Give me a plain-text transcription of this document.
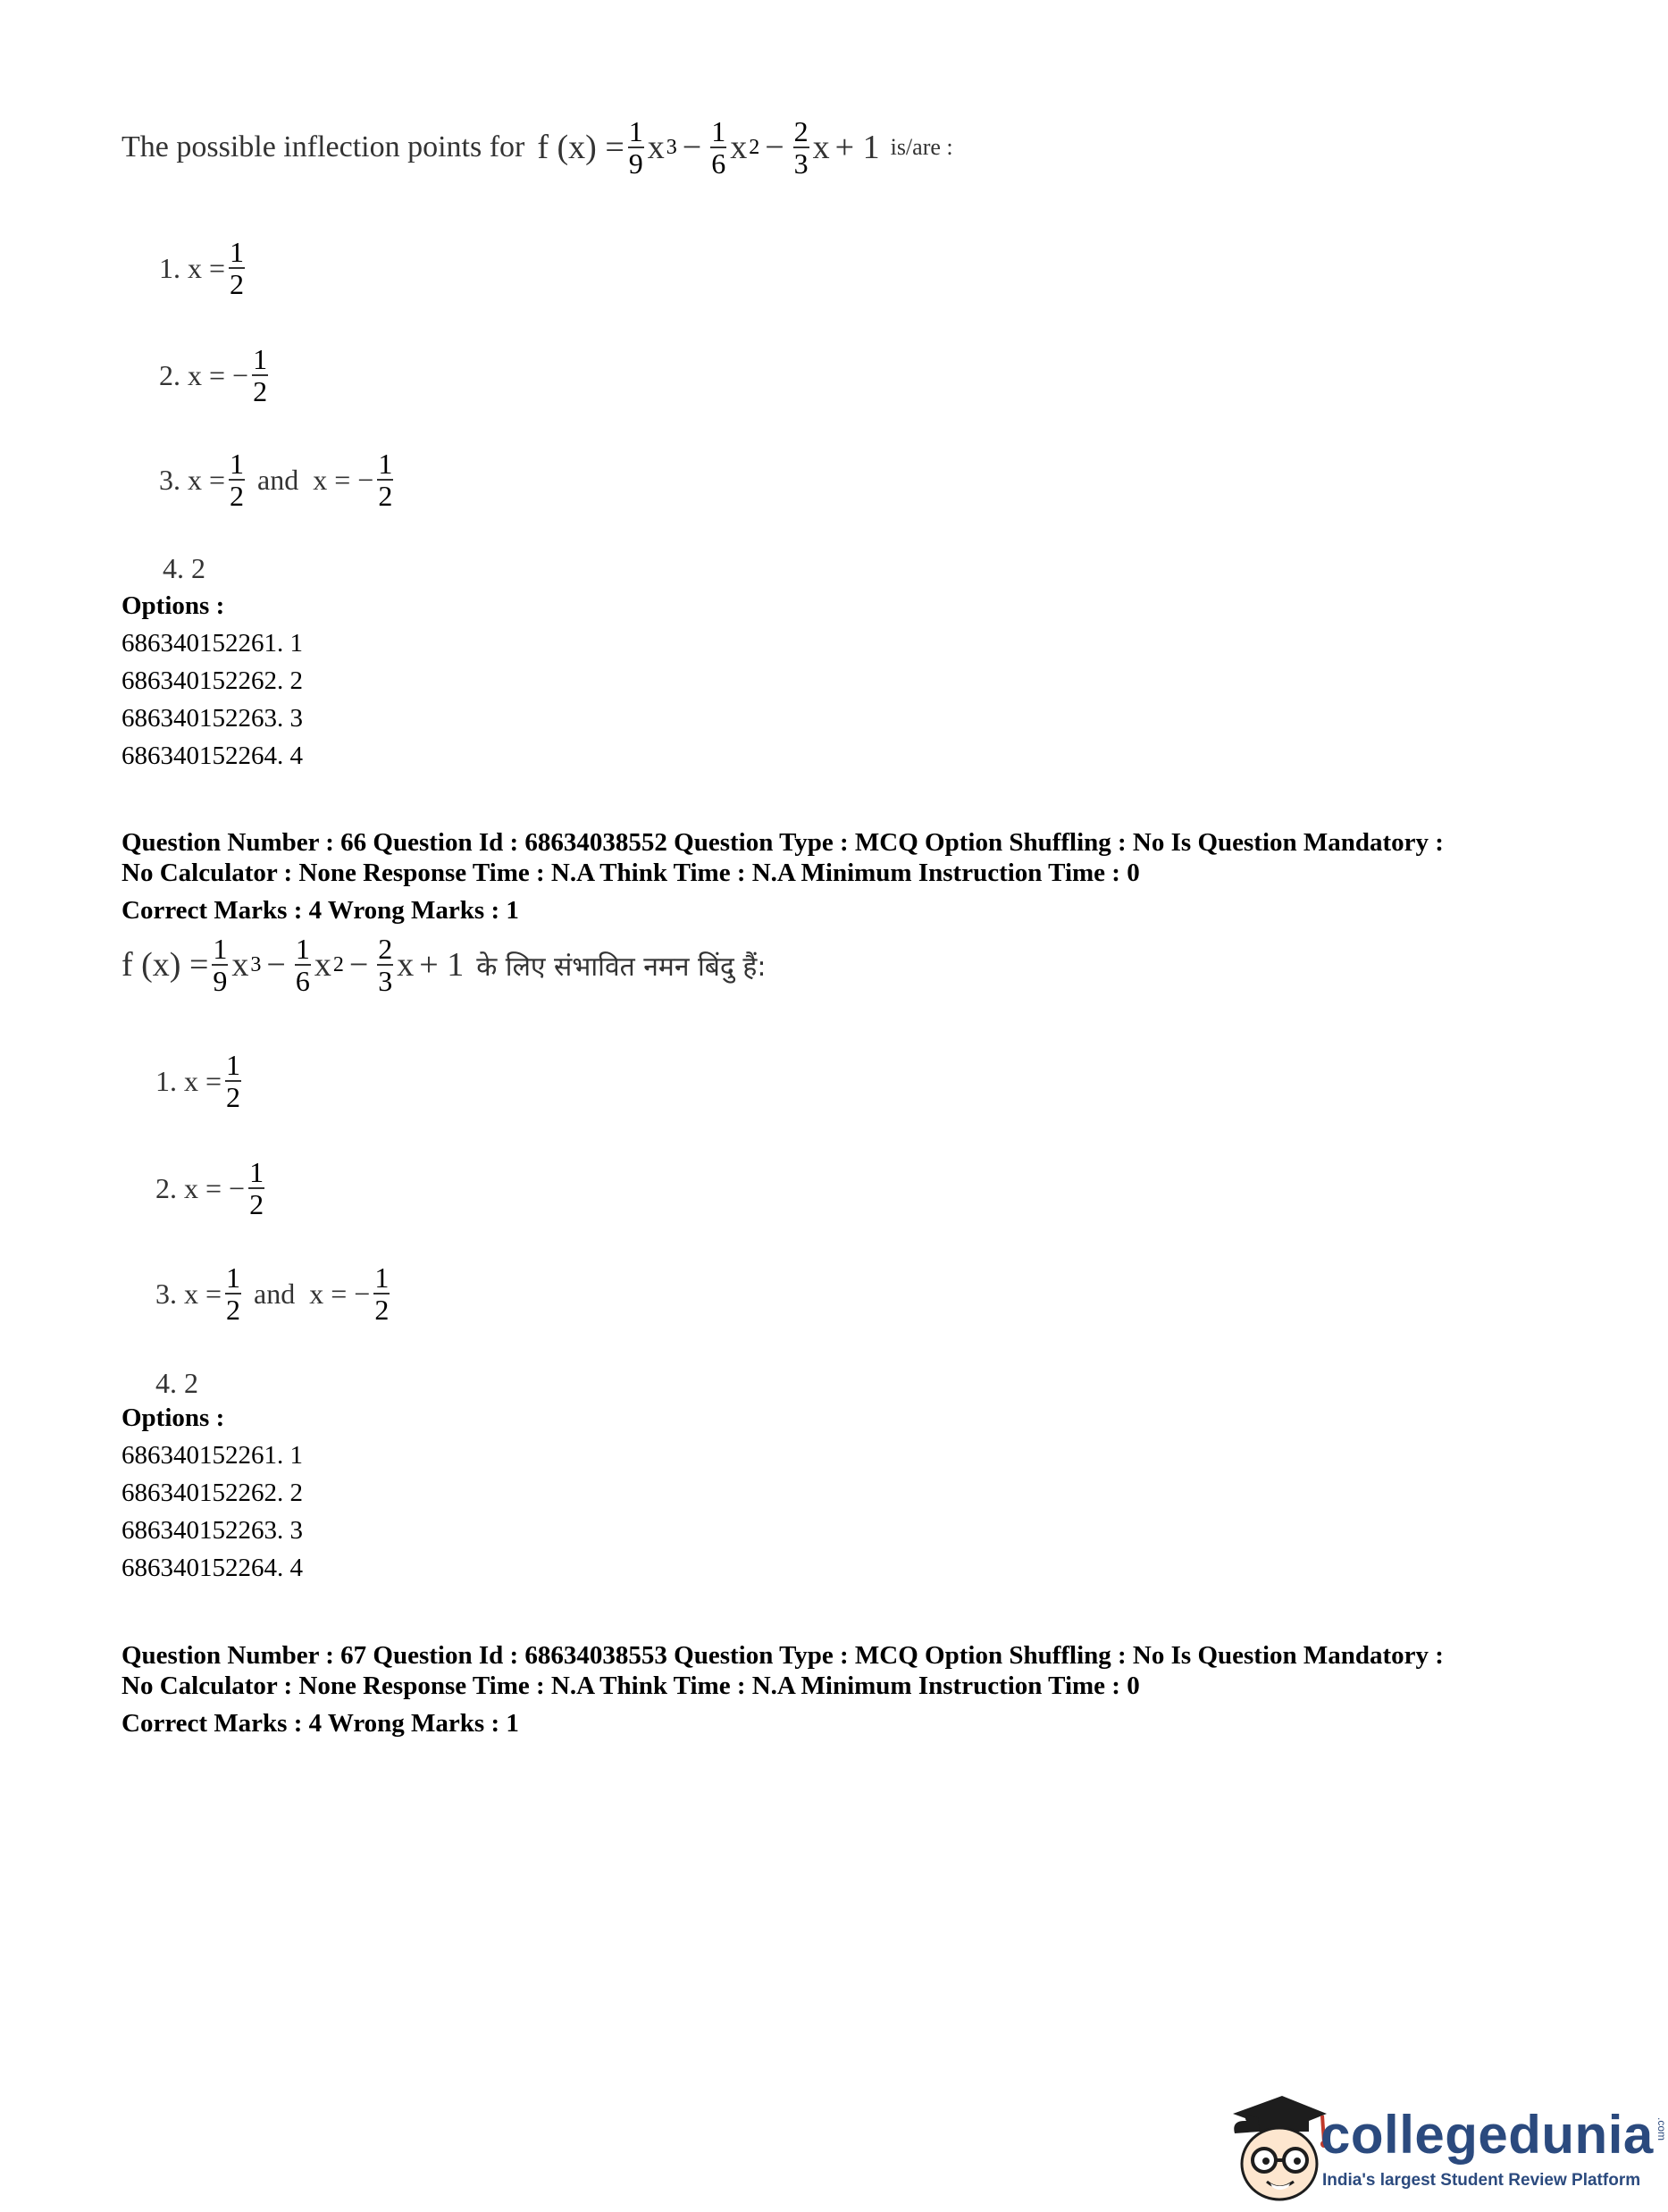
The possible inflection points for f $(x) = \frac{1}{9}$ x $3 - \frac{1}{6}$ x $2 - \frac{2}{3}$ x + 1 is/are :
1. $x = \frac{1}{2}$
2. x = − $\frac{1}{2}$
3. $x = \frac{1}{2}$ and  x = − $\frac{1}{2}$
4. 2
Options :
686340152261. 1
686340152262. 2
686340152263. 3
686340152264. 4
Question Number : 66 Question Id : 68634038552 Question Type : MCQ Option Shuffling : No Is Question Mandatory :
No Calculator : None Response Time : N.A Think Time : N.A Minimum Instruction Time : 0
Correct Marks : 4 Wrong Marks : 1
f $(x) = \frac{1}{9}$ x $3 - \frac{1}{6}$ x $2 - \frac{2}{3}$ x + 1 के लिए संभावित नमन बिंदु हैं:
1. $x = \frac{1}{2}$
2. x = − $\frac{1}{2}$
3. $x = \frac{1}{2}$ and  x = − $\frac{1}{2}$
4. 2
Options :
686340152261. 1
686340152262. 2
686340152263. 3
686340152264. 4
Question Number : 67 Question Id : 68634038553 Question Type : MCQ Option Shuffling : No Is Question Mandatory :
No Calculator : None Response Time : N.A Think Time : N.A Minimum Instruction Time : 0
Correct Marks : 4 Wrong Marks : 1
collegedunia .com
India's largest Student Review Platform
